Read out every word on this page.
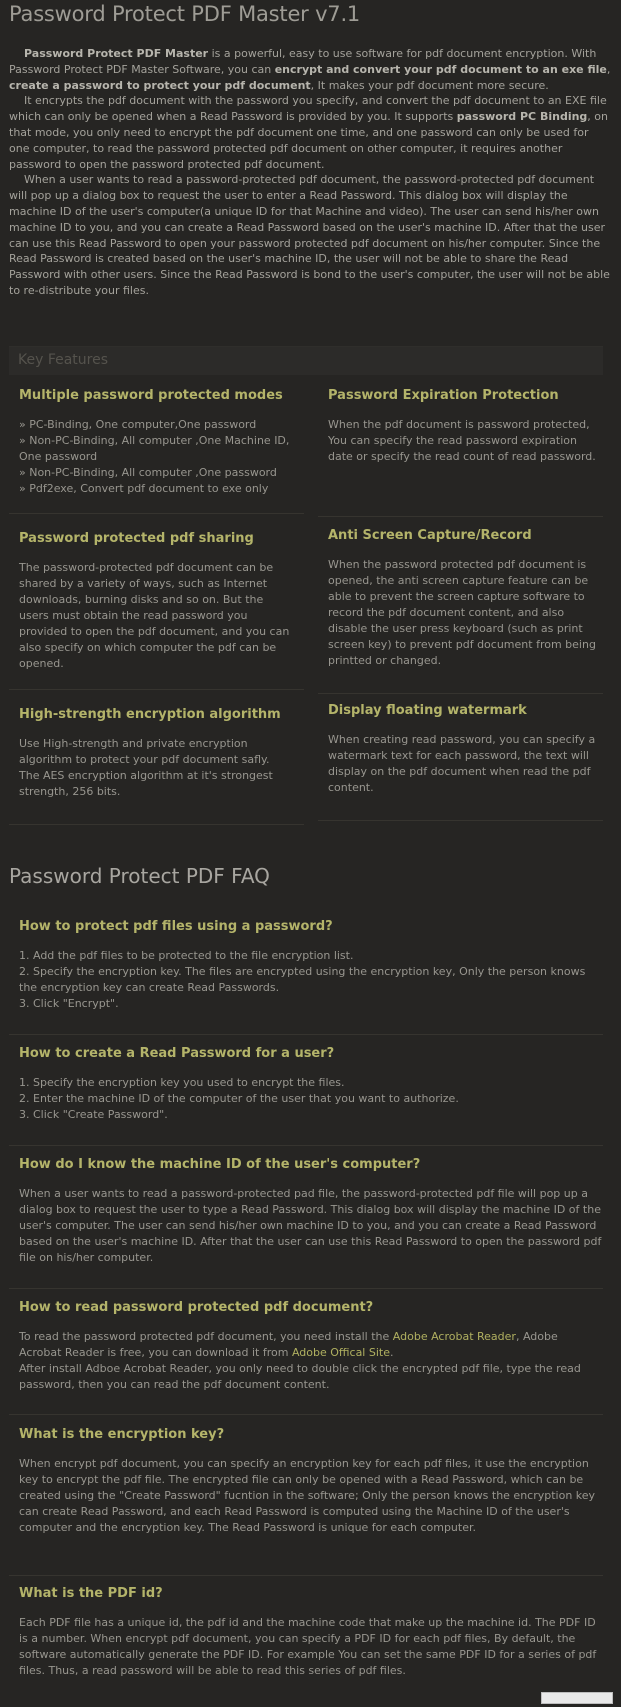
Password Protect PDF Master v7.1

Password Protect PDF Master is a powerful, easy to use software for pdf document encryption. With Password Protect PDF Master Software, you can encrypt and convert your pdf document to an exe file, create a password to protect your pdf document, It makes your pdf document more secure.

It encrypts the pdf document with the password you specify, and convert the pdf document to an EXE file which can only be opened when a Read Password is provided by you. It supports password PC Binding, on that mode, you only need to encrypt the pdf document one time, and one password can only be used for one computer, to read the password protected pdf document on other computer, it requires another password to open the password protected pdf document.

When a user wants to read a password-protected pdf document, the password-protected pdf document will pop up a dialog box to request the user to enter a Read Password. This dialog box will display the machine ID of the user's computer(a unique ID for that Machine and video). The user can send his/her own machine ID to you, and you can create a Read Password based on the user's machine ID. After that the user can use this Read Password to open your password protected pdf document on his/her computer. Since the Read Password is created based on the user's machine ID, the user will not be able to share the Read Password with other users. Since the Read Password is bond to the user's computer, the user will not be able to re-distribute your files.

Key Features
Multiple password protected modes
» PC-Binding, One computer,One password
» Non-PC-Binding, All computer ,One Machine ID, One password
» Non-PC-Binding, All computer ,One password
» Pdf2exe, Convert pdf document to exe only
Password Expiration Protection
When the pdf document is password protected, You can specify the read password expiration date or specify the read count of read password.
Password protected pdf sharing
The password-protected pdf document can be shared by a variety of ways, such as Internet downloads, burning disks and so on. But the users must obtain the read password you provided to open the pdf document, and you can also specify on which computer the pdf can be opened.
Anti Screen Capture/Record
When the password protected pdf document is opened, the anti screen capture feature can be able to prevent the screen capture software to record the pdf document content, and also disable the user press keyboard (such as print screen key) to prevent pdf document from being printted or changed.
High-strength encryption algorithm
Use High-strength and private encryption algorithm to protect your pdf document safly. The AES encryption algorithm at it's strongest strength, 256 bits.
Display floating watermark
When creating read password, you can specify a watermark text for each password, the text will display on the pdf document when read the pdf content.
Password Protect PDF FAQ
How to protect pdf files using a password?
1. Add the pdf files to be protected to the file encryption list.
2. Specify the encryption key. The files are encrypted using the encryption key, Only the person knows the encryption key can create Read Passwords.
3. Click "Encrypt".
How to create a Read Password for a user?
1. Specify the encryption key you used to encrypt the files.
2. Enter the machine ID of the computer of the user that you want to authorize.
3. Click "Create Password".
How do I know the machine ID of the user's computer?
When a user wants to read a password-protected pad file, the password-protected pdf file will pop up a dialog box to request the user to type a Read Password. This dialog box will display the machine ID of the user's computer. The user can send his/her own machine ID to you, and you can create a Read Password based on the user's machine ID. After that the user can use this Read Password to open the password pdf file on his/her computer.
How to read password protected pdf document?
To read the password protected pdf document, you need install the Adobe Acrobat Reader, Adobe Acrobat Reader is free, you can download it from Adobe Offical Site.
After install Adboe Acrobat Reader, you only need to double click the encrypted pdf file, type the read password, then you can read the pdf document content.
What is the encryption key?
When encrypt pdf document, you can specify an encryption key for each pdf files, it use the encryption key to encrypt the pdf file. The encrypted file can only be opened with a Read Password, which can be created using the "Create Password" fucntion in the software; Only the person knows the encryption key can create Read Password, and each Read Password is computed using the Machine ID of the user's computer and the encryption key. The Read Password is unique for each computer.
What is the PDF id?
Each PDF file has a unique id, the pdf id and the machine code that make up the machine id. The PDF ID is a number. When encrypt pdf document, you can specify a PDF ID for each pdf files, By default, the software automatically generate the PDF ID. For example You can set the same PDF ID for a series of pdf files. Thus, a read password will be able to read this series of pdf files.
